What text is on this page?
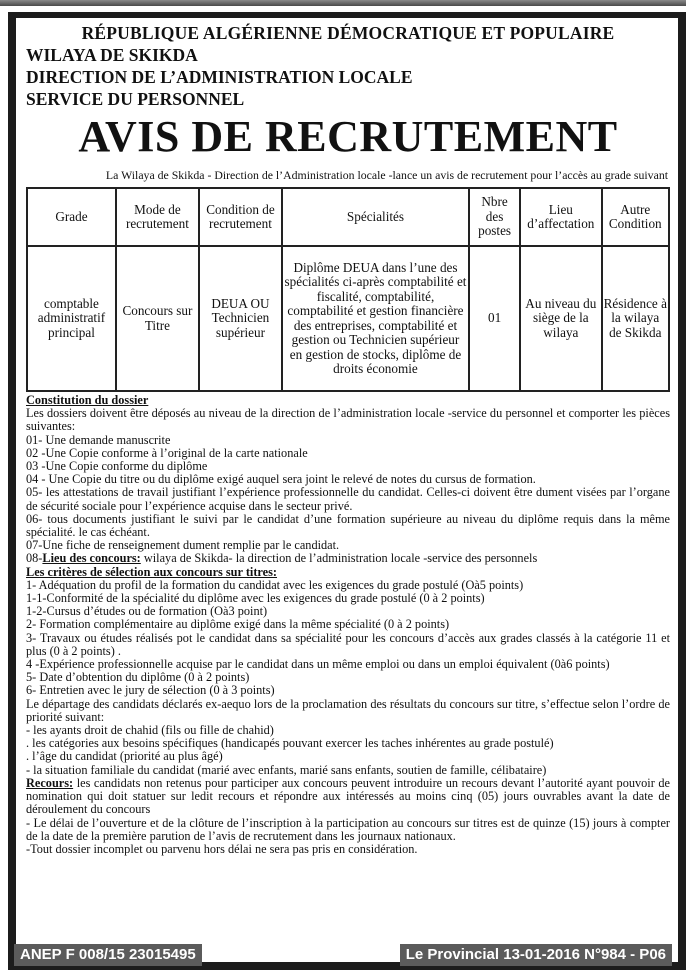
RÉPUBLIQUE ALGÉRIENNE DÉMOCRATIQUE ET POPULAIRE
WILAYA DE SKIKDA
DIRECTION DE L’ADMINISTRATION LOCALE
SERVICE DU PERSONNEL
AVIS DE RECRUTEMENT
La Wilaya de Skikda - Direction de l’Administration locale -lance un avis de recrutement pour l’accès au grade suivant
Grade	Mode de recrutement	Condition de recrutement	Spécialités	Nbre des postes	Lieu d’affectation	Autre Condition
comptable administratif principal	Concours sur Titre	DEUA OU Technicien supérieur	Diplôme DEUA dans l’une des spécialités ci-après comptabilité et fiscalité, comptabilité, comptabilité et gestion financière des entreprises, comptabilité et gestion ou Technicien supérieur en gestion de stocks, diplôme de droits économie	01	Au niveau du siège de la wilaya	Résidence à la wilaya de Skikda

Constitution du dossier

Les dossiers doivent être déposés au niveau de la direction de l’administration locale -service du personnel et comporter les pièces suivantes:

01- Une demande manuscrite

02 -Une Copie conforme à l’original de la carte nationale

03 -Une Copie conforme du diplôme

04 - Une Copie du titre ou du diplôme exigé auquel sera joint le relevé de notes du cursus de formation.

05- les attestations de travail justifiant l’expérience professionnelle du candidat. Celles-ci doivent être dument visées par l’organe de sécurité sociale pour l’expérience acquise dans le secteur privé.

06- tous documents justifiant le suivi par le candidat d’une formation supérieure au niveau du diplôme requis dans la même spécialité. le cas échéant.

07-Une fiche de renseignement dument remplie par le candidat.

08-Lieu des concours: wilaya de Skikda- la direction de l’administration locale -service des personnels

Les critères de sélection aux concours sur titres:

1- Adéquation du profil de la formation du candidat avec les exigences du grade postulé (Oà5 points)

1-1-Conformité de la spécialité du diplôme avec les exigences du grade postulé (0 à 2 points)

1-2-Cursus d’études ou de formation (Oà3 point)

2- Formation complémentaire au diplôme exigé dans la même spécialité (0 à 2 points)

3- Travaux ou études réalisés pot le candidat dans sa spécialité pour les concours d’accès aux grades classés à la catégorie 11 et plus (0 à 2 points) .

4 -Expérience professionnelle acquise par le candidat dans un même emploi ou dans un emploi équivalent (0à6 points)

5- Date d’obtention du diplôme (0 à 2 points)

6- Entretien avec le jury de sélection (0 à 3 points)

Le départage des candidats déclarés ex-aequo lors de la proclamation des résultats du concours sur titre, s’effectue selon l’ordre de priorité suivant:

- les ayants droit de chahid (fils ou fille de chahid)

. les catégories aux besoins spécifiques (handicapés pouvant exercer les taches inhérentes au grade postulé)

. l’âge du candidat (priorité au plus âgé)

- la situation familiale du candidat (marié avec enfants, marié sans enfants, soutien de famille, célibataire)

Recours: les candidats non retenus pour participer aux concours peuvent introduire un recours devant l’autorité ayant pouvoir de nomination qui doit statuer sur ledit recours et répondre aux intéressés au moins cinq (05) jours ouvrables avant la date de déroulement du concours

- Le délai de l’ouverture et de la clôture de l’inscription à la participation au concours sur titres est de quinze (15) jours à compter de la date de la première parution de l’avis de recrutement dans les journaux nationaux.

-Tout dossier incomplet ou parvenu hors délai ne sera pas pris en considération.

ANEP F 008/15 23015495	Le Provincial 13-01-2016 N°984 - P06
